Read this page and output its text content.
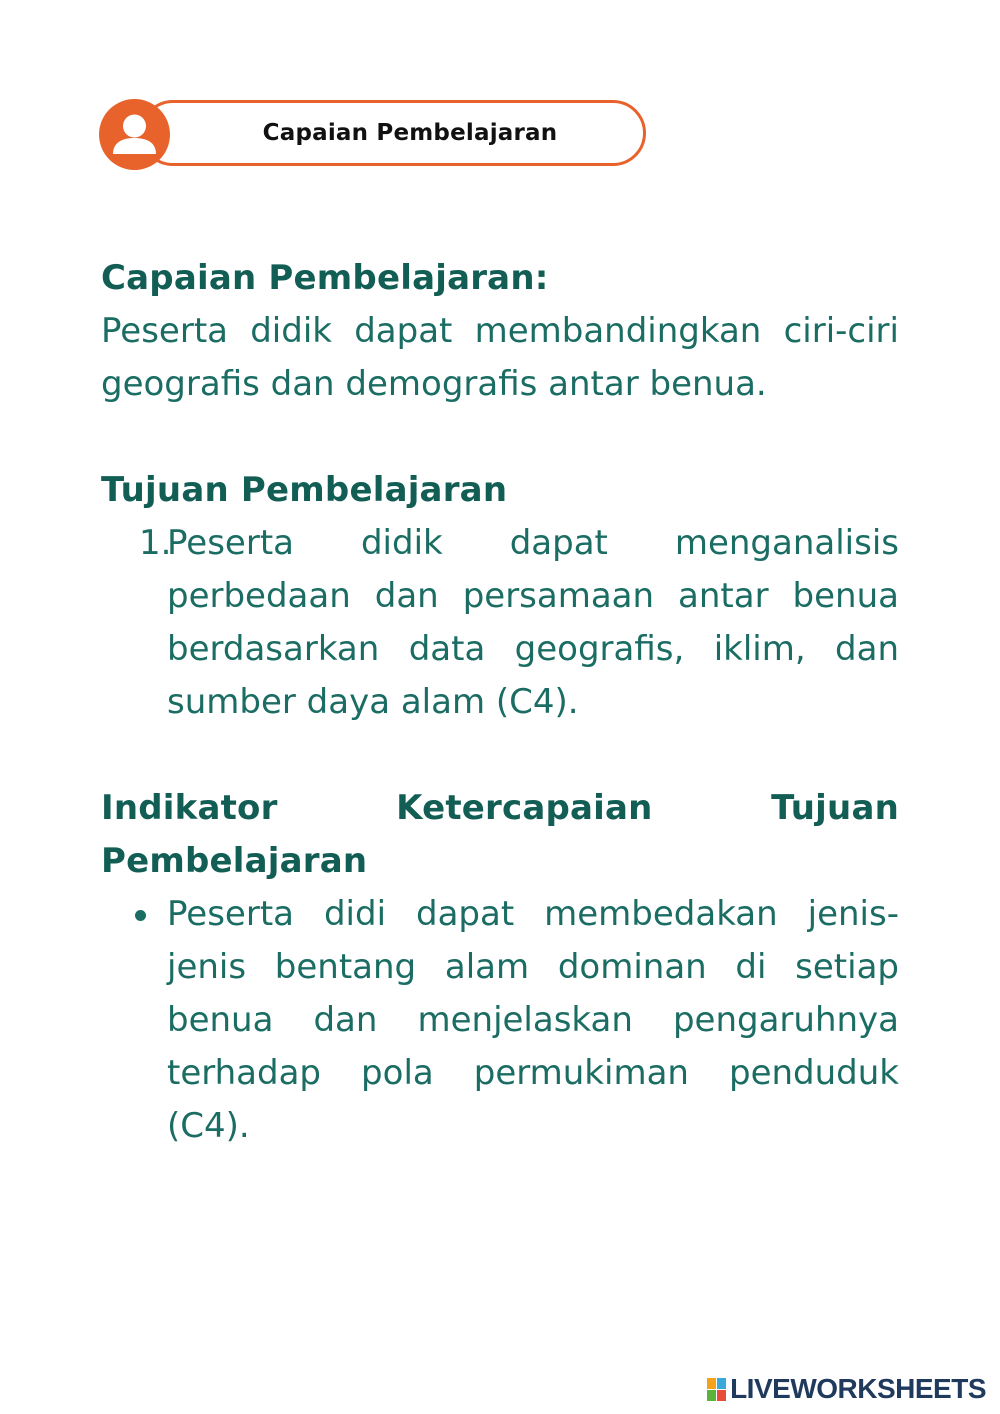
Capaian Pembelajaran
Capaian Pembelajaran:
Peserta didik dapat membandingkan ciri-ciri geografis dan demografis antar benua.
Tujuan Pembelajaran
1.
Peserta didik dapat menganalisis perbedaan dan persamaan antar benua berdasarkan data geografis, iklim, dan sumber daya alam (C4).
Indikator Ketercapaian Tujuan Pembelajaran
Peserta didi dapat membedakan jenis-jenis bentang alam dominan di setiap benua dan menjelaskan pengaruhnya terhadap pola permukiman penduduk (C4).
LIVEWORKSHEETS
